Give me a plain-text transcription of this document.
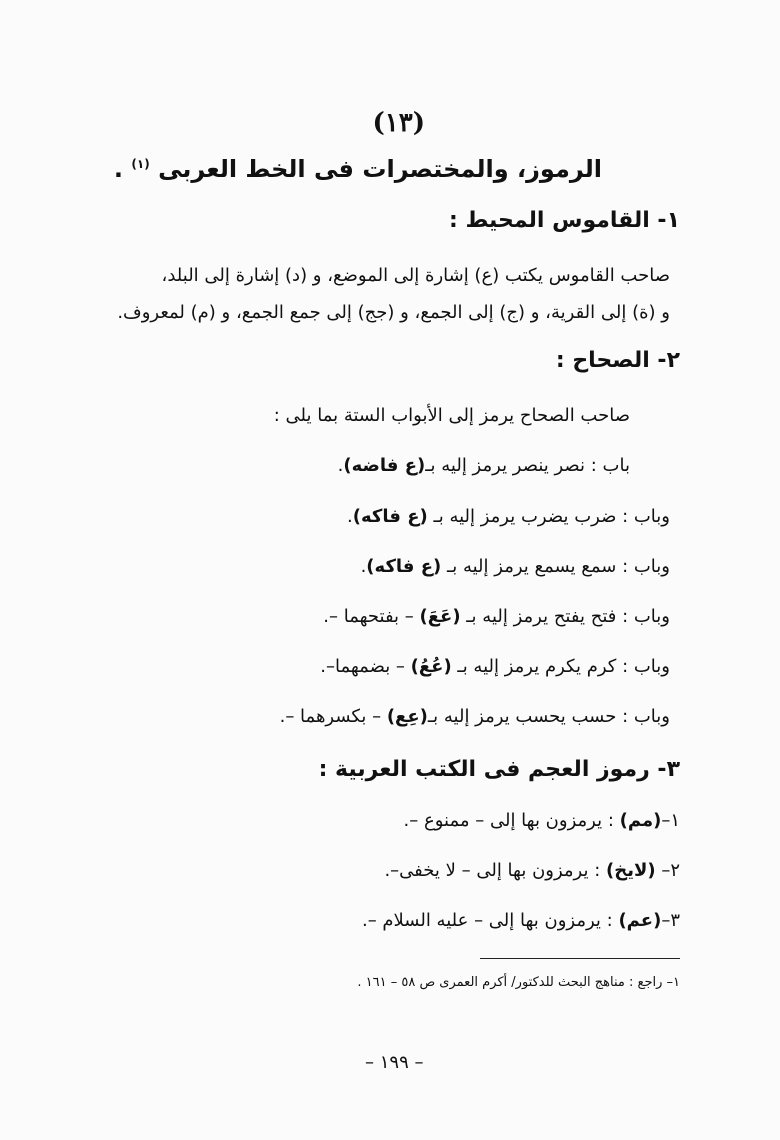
(١٣)
الرموز، والمختصرات فى الخط العربى $^{(١)}$ .
١- القاموس المحيط :
صاحب القاموس يكتب (ع) إشارة إلى الموضع، و (د) إشارة إلى البلد،
و (ة) إلى القرية، و (ج) إلى الجمع، و (جج) إلى جمع الجمع، و (م) لمعروف.
٢- الصحاح :
صاحب الصحاح يرمز إلى الأبواب الستة بما يلى :
باب : نصر ينصر يرمز إليه بـ(ع فاضه).
وباب : ضرب يضرب يرمز إليه بـ (ع فاكه).
وباب : سمع يسمع يرمز إليه بـ (ع فاكه).
وباب : فتح يفتح يرمز إليه بـ (عَعَ) – بفتحهما –.
وباب : كرم يكرم يرمز إليه بـ (عُعُ) – بضمهما–.
وباب : حسب يحسب يرمز إليه بـ(عِع) – بكسرهما –.
٣- رموز العجم فى الكتب العربية :
١–(مم) : يرمزون بها إلى – ممنوع –.
٢– (لايخ) : يرمزون بها إلى – لا يخفى–.
٣–(عم) : يرمزون بها إلى – عليه السلام –.
١– راجع : مناهج البحث للدكتور/ أكرم العمرى ص ٥٨ – ١٦١ .
– ١٩٩ –
